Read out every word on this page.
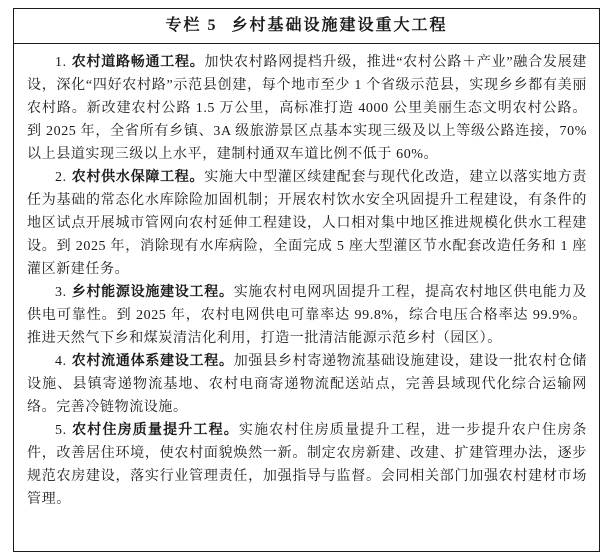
专栏 5 乡村基础设施建设重大工程

1. 农村道路畅通工程。加快农村路网提档升级，推进“农村公路＋产业”融合发展建设，深化“四好农村路”示范县创建，每个地市至少 1 个省级示范县，实现乡乡都有美丽农村路。新改建农村公路 1.5 万公里，高标准打造 4000 公里美丽生态文明农村公路。到 2025 年，全省所有乡镇、3A 级旅游景区点基本实现三级及以上等级公路连接，70%以上县道实现三级以上水平，建制村通双车道比例不低于 60%。

2. 农村供水保障工程。实施大中型灌区续建配套与现代化改造，建立以落实地方责任为基础的常态化水库除险加固机制；开展农村饮水安全巩固提升工程建设，有条件的地区试点开展城市管网向农村延伸工程建设，人口相对集中地区推进规模化供水工程建设。到 2025 年，消除现有水库病险，全面完成 5 座大型灌区节水配套改造任务和 1 座灌区新建任务。

3. 乡村能源设施建设工程。实施农村电网巩固提升工程，提高农村地区供电能力及供电可靠性。到 2025 年，农村电网供电可靠率达 99.8%，综合电压合格率达 99.9%。推进天然气下乡和煤炭清洁化利用，打造一批清洁能源示范乡村（园区）。

4. 农村流通体系建设工程。加强县乡村寄递物流基础设施建设，建设一批农村仓储设施、县镇寄递物流基地、农村电商寄递物流配送站点，完善县域现代化综合运输网络。完善冷链物流设施。

5. 农村住房质量提升工程。实施农村住房质量提升工程，进一步提升农户住房条件，改善居住环境，使农村面貌焕然一新。制定农房新建、改建、扩建管理办法，逐步规范农房建设，落实行业管理责任，加强指导与监督。会同相关部门加强农村建材市场管理。
